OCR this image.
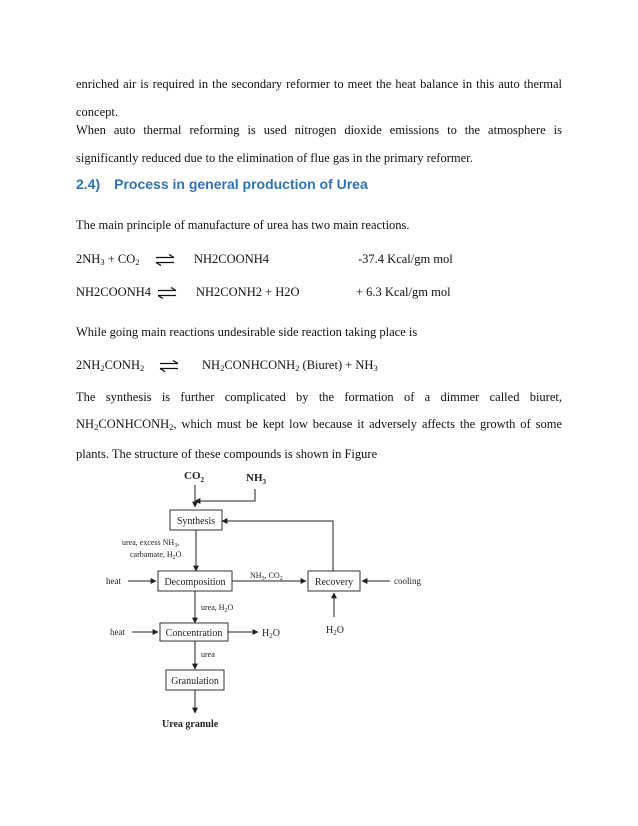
enriched air is required in the secondary reformer to meet the heat balance in this auto thermal concept.

When auto thermal reforming is used nitrogen dioxide emissions to the atmosphere is significantly reduced due to the elimination of flue gas in the primary reformer.

2.4) Process in general production of Urea
The main principle of manufacture of urea has two main reactions.
$2NH_3 + CO_2$ ⇌ NH2COONH4	-37.4 Kcal/gm mol
NH2COONH4 ⇌ NH2CONH2 + H2O	+ 6.3 Kcal/gm mol
While going main reactions undesirable side reaction taking place is
$2NH_2CONH_2$ ⇌ $NH_2CONHCONH_2$ (Biuret) + $NH_3$

The synthesis is further complicated by the formation of a dimmer called biuret, $NH_2CONHCONH_2$, which must be kept low because it adversely affects the growth of some plants. The structure of these compounds is shown in Figure

$CO_2$	$NH_3$
Synthesis
urea, excess $NH_3$,
carbamate, $H_2O$
heat	Decomposition
$NH_3$, $CO_2$	Recovery	cooling
$H_2O$
urea, $H_2O$
heat	Concentration	$H_2O$
urea
Granulation
Urea granule
